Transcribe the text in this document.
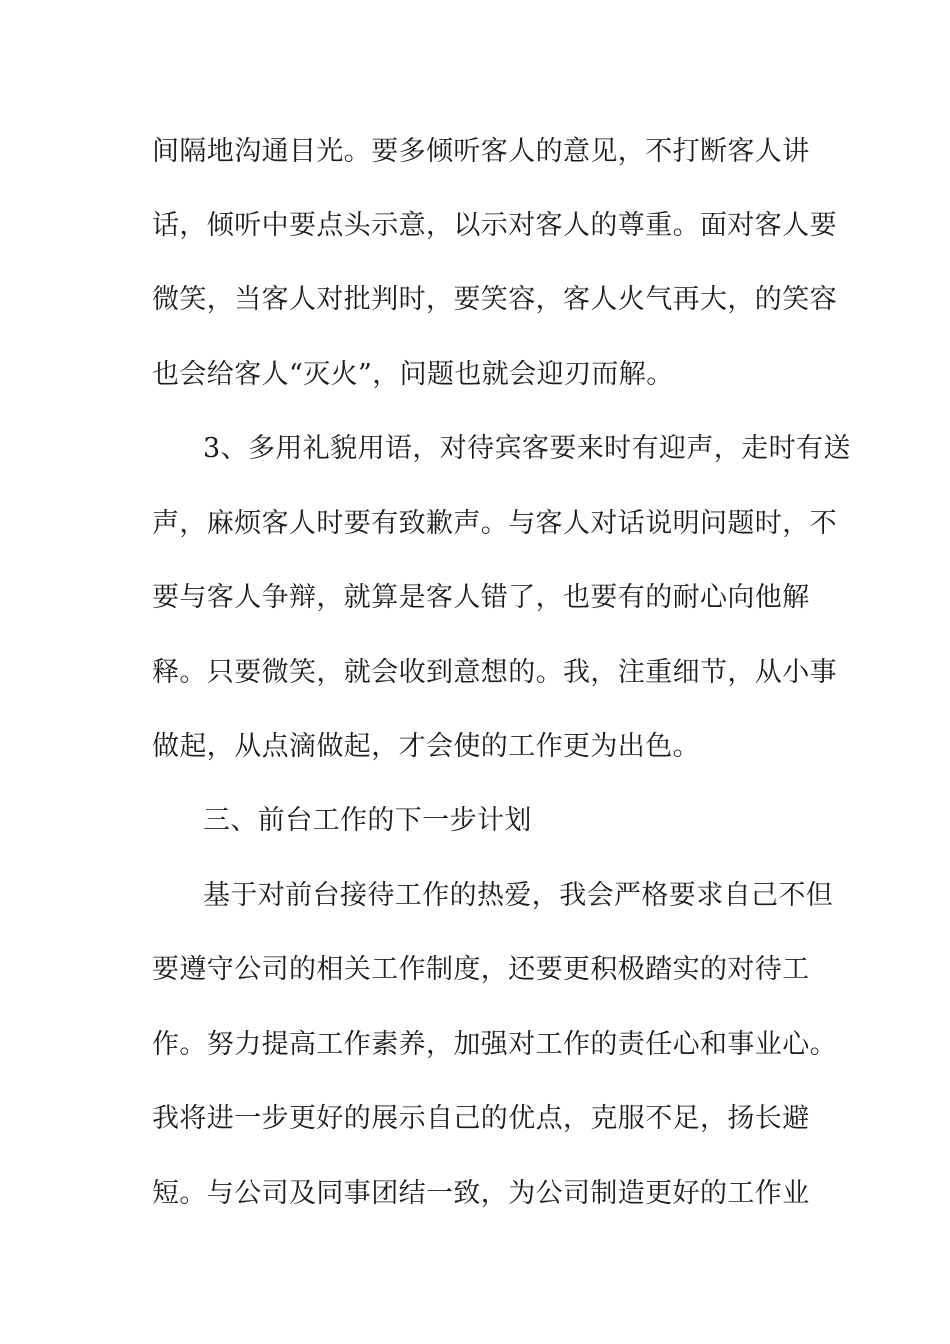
间隔地沟通目光。要多倾听客人的意见，不打断客人讲
话，倾听中要点头示意，以示对客人的尊重。面对客人要
微笑，当客人对批判时，要笑容，客人火气再大，的笑容
也会给客人“灭火”，问题也就会迎刃而解。
3、多用礼貌用语，对待宾客要来时有迎声，走时有送
声，麻烦客人时要有致歉声。与客人对话说明问题时，不
要与客人争辩，就算是客人错了，也要有的耐心向他解
释。只要微笑，就会收到意想的。我，注重细节，从小事
做起，从点滴做起，才会使的工作更为出色。
三、前台工作的下一步计划
基于对前台接待工作的热爱，我会严格要求自己不但
要遵守公司的相关工作制度，还要更积极踏实的对待工
作。努力提高工作素养，加强对工作的责任心和事业心。
我将进一步更好的展示自己的优点，克服不足，扬长避
短。与公司及同事团结一致，为公司制造更好的工作业
